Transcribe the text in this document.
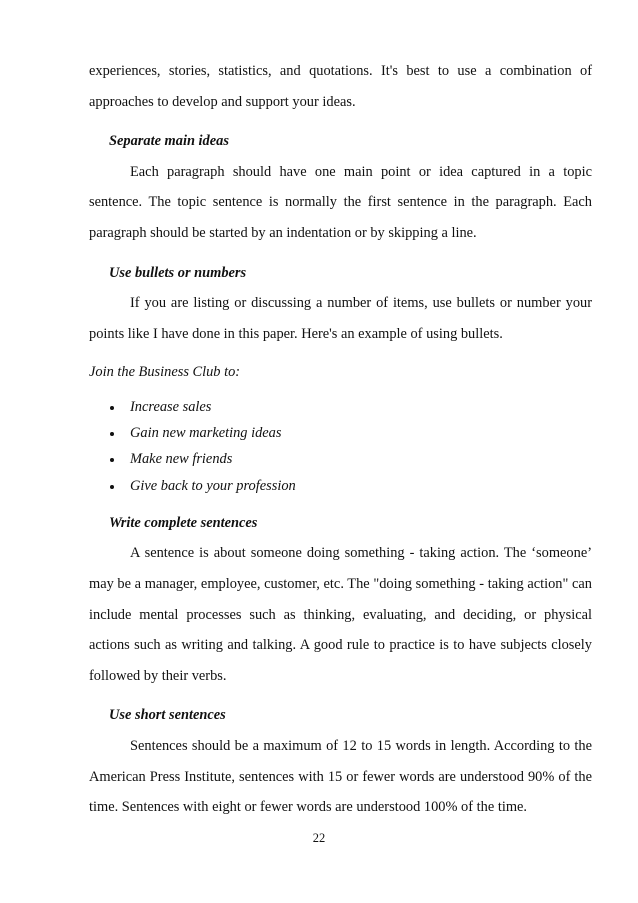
experiences, stories, statistics, and quotations. It's best to use a combination of approaches to develop and support your ideas.

Separate main ideas

Each paragraph should have one main point or idea captured in a topic sentence. The topic sentence is normally the first sentence in the paragraph. Each paragraph should be started by an indentation or by skipping a line.

Use bullets or numbers

If you are listing or discussing a number of items, use bullets or number your points like I have done in this paper. Here's an example of using bullets.

Join the Business Club to:

Increase sales
Gain new marketing ideas
Make new friends
Give back to your profession

Write complete sentences

A sentence is about someone doing something - taking action. The ‘someone’ may be a manager, employee, customer, etc. The "doing something - taking action" can include mental processes such as thinking, evaluating, and deciding, or physical actions such as writing and talking. A good rule to practice is to have subjects closely followed by their verbs.

Use short sentences

Sentences should be a maximum of 12 to 15 words in length. According to the American Press Institute, sentences with 15 or fewer words are understood 90% of the time. Sentences with eight or fewer words are understood 100% of the time.

22
